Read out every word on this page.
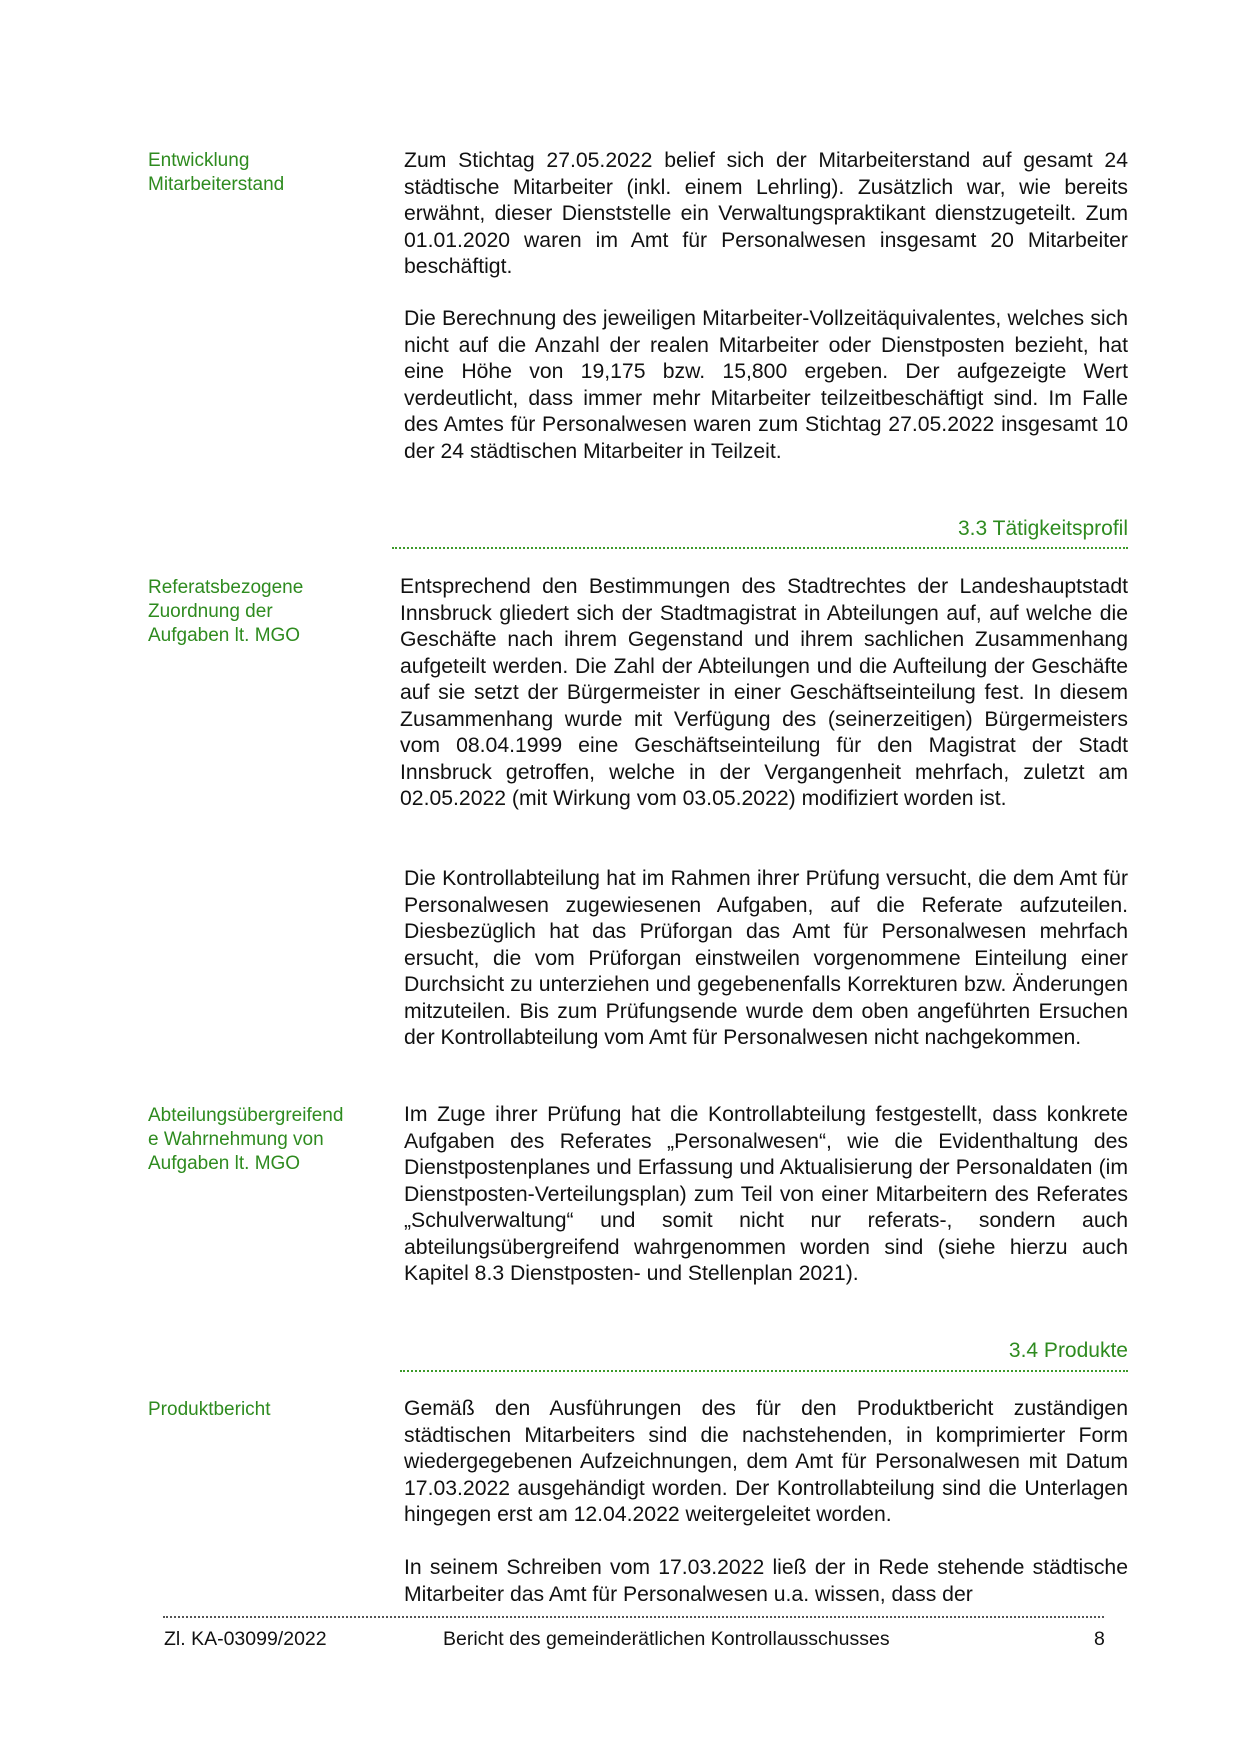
Entwicklung
Mitarbeiterstand

Zum Stichtag 27.05.2022 belief sich der Mitarbeiterstand auf gesamt 24 städtische Mitarbeiter (inkl. einem Lehrling). Zusätzlich war, wie bereits erwähnt, dieser Dienststelle ein Verwaltungspraktikant dienstzugeteilt. Zum 01.01.2020 waren im Amt für Personalwesen insgesamt 20 Mitarbeiter beschäftigt.

Die Berechnung des jeweiligen Mitarbeiter-Vollzeitäquivalentes, welches sich nicht auf die Anzahl der realen Mitarbeiter oder Dienstposten bezieht, hat eine Höhe von 19,175 bzw. 15,800 ergeben. Der aufgezeigte Wert verdeutlicht, dass immer mehr Mitarbeiter teilzeitbeschäftigt sind. Im Falle des Amtes für Personalwesen waren zum Stichtag 27.05.2022 insgesamt 10 der 24 städtischen Mitarbeiter in Teilzeit.

3.3 Tätigkeitsprofil
Referatsbezogene
Zuordnung der
Aufgaben lt. MGO

Entsprechend den Bestimmungen des Stadtrechtes der Landeshauptstadt Innsbruck gliedert sich der Stadtmagistrat in Abteilungen auf, auf welche die Geschäfte nach ihrem Gegenstand und ihrem sachlichen Zusammenhang aufgeteilt werden. Die Zahl der Abteilungen und die Aufteilung der Geschäfte auf sie setzt der Bürgermeister in einer Geschäftseinteilung fest. In diesem Zusammenhang wurde mit Verfügung des (seinerzeitigen) Bürgermeisters vom 08.04.1999 eine Geschäftseinteilung für den Magistrat der Stadt Innsbruck getroffen, welche in der Vergangenheit mehrfach, zuletzt am 02.05.2022 (mit Wirkung vom 03.05.2022) modifiziert worden ist.

Die Kontrollabteilung hat im Rahmen ihrer Prüfung versucht, die dem Amt für Personalwesen zugewiesenen Aufgaben, auf die Referate aufzuteilen. Diesbezüglich hat das Prüforgan das Amt für Personalwesen mehrfach ersucht, die vom Prüforgan einstweilen vorgenommene Einteilung einer Durchsicht zu unterziehen und gegebenenfalls Korrekturen bzw. Änderungen mitzuteilen. Bis zum Prüfungsende wurde dem oben angeführten Ersuchen der Kontrollabteilung vom Amt für Personalwesen nicht nachgekommen.

Abteilungsübergreifend
e Wahrnehmung von
Aufgaben lt. MGO

Im Zuge ihrer Prüfung hat die Kontrollabteilung festgestellt, dass konkrete Aufgaben des Referates „Personalwesen“, wie die Evidenthaltung des Dienstpostenplanes und Erfassung und Aktualisierung der Personaldaten (im Dienstposten-Verteilungsplan) zum Teil von einer Mitarbeitern des Referates „Schulverwaltung“ und somit nicht nur referats-, sondern auch abteilungsübergreifend wahrgenommen worden sind (siehe hierzu auch Kapitel 8.3 Dienstposten- und Stellenplan 2021).

3.4 Produkte
Produktbericht	Gemäß den Ausführungen des für den Produktbericht zuständigen städtischen Mitarbeiters sind die nachstehenden, in komprimierter Form wiedergegebenen Aufzeichnungen, dem Amt für Personalwesen mit Datum 17.03.2022 ausgehändigt worden. Der Kontrollabteilung sind die Unterlagen hingegen erst am 12.04.2022 weitergeleitet worden.

In seinem Schreiben vom 17.03.2022 ließ der in Rede stehende städtische Mitarbeiter das Amt für Personalwesen u.a. wissen, dass der

Zl. KA-03099/2022	Bericht des gemeinderätlichen Kontrollausschusses	8
